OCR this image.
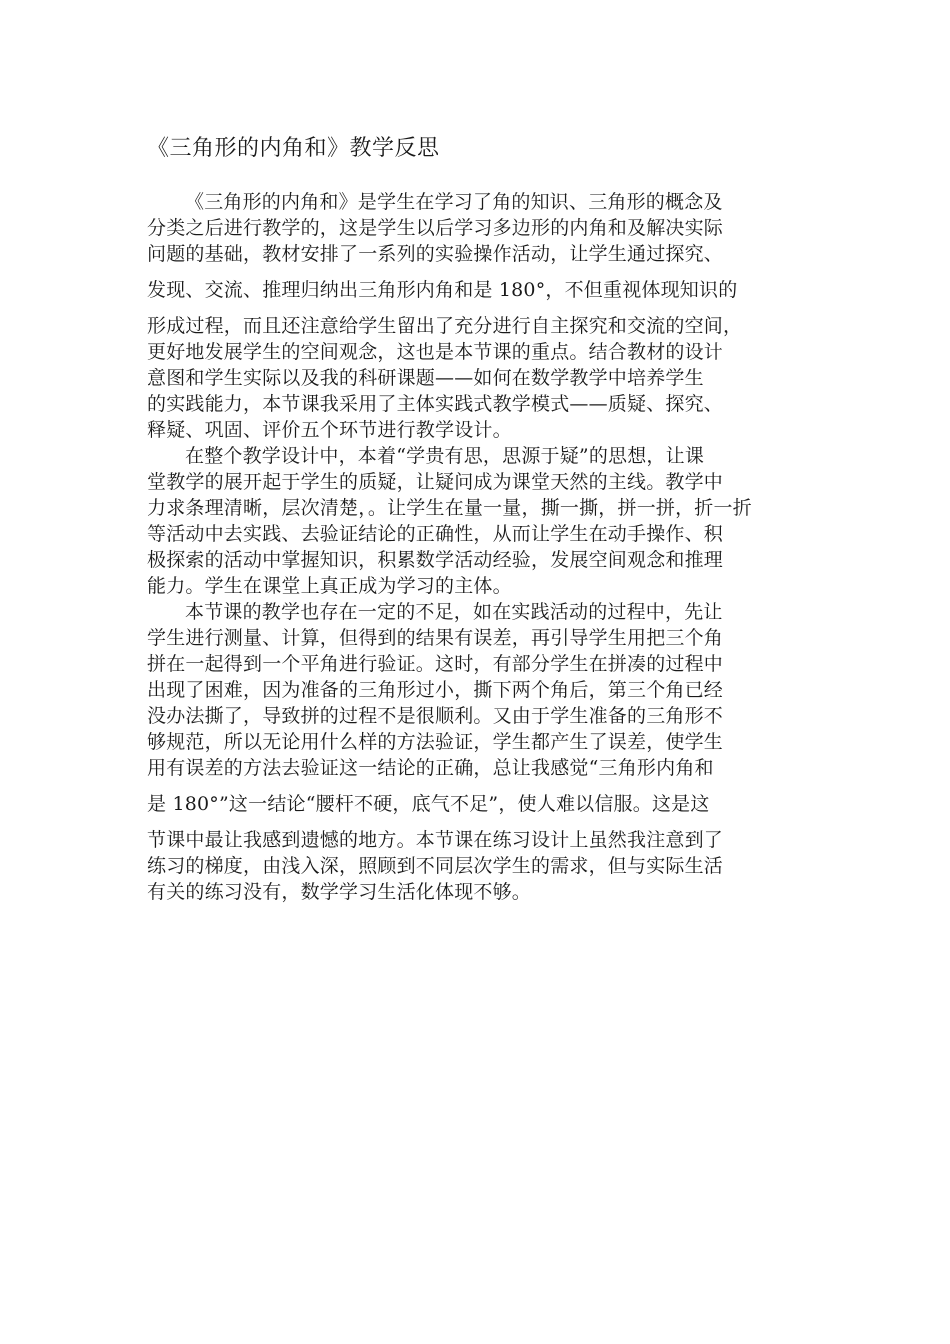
《三角形的内角和》教学反思

《三角形的内角和》是学生在学习了角的知识、三角形的概念及
分类之后进行教学的，这是学生以后学习多边形的内角和及解决实际
问题的基础，教材安排了一系列的实验操作活动，让学生通过探究、
发现、交流、推理归纳出三角形内角和是 180°，不但重视体现知识的
形成过程，而且还注意给学生留出了充分进行自主探究和交流的空间，
更好地发展学生的空间观念，这也是本节课的重点。结合教材的设计
意图和学生实际以及我的科研课题——如何在数学教学中培养学生
的实践能力，本节课我采用了主体实践式教学模式——质疑、探究、
释疑、巩固、评价五个环节进行教学设计。

在整个教学设计中，本着“学贵有思，思源于疑”的思想，让课
堂教学的展开起于学生的质疑，让疑问成为课堂天然的主线。教学中
力求条理清晰，层次清楚，。让学生在量一量，撕一撕，拼一拼，折一折
等活动中去实践、去验证结论的正确性，从而让学生在动手操作、积
极探索的活动中掌握知识，积累数学活动经验，发展空间观念和推理
能力。学生在课堂上真正成为学习的主体。

本节课的教学也存在一定的不足，如在实践活动的过程中，先让
学生进行测量、计算，但得到的结果有误差，再引导学生用把三个角
拼在一起得到一个平角进行验证。这时，有部分学生在拼凑的过程中
出现了困难，因为准备的三角形过小，撕下两个角后，第三个角已经
没办法撕了，导致拼的过程不是很顺利。又由于学生准备的三角形不
够规范，所以无论用什么样的方法验证，学生都产生了误差，使学生
用有误差的方法去验证这一结论的正确，总让我感觉“三角形内角和
是 180°”这一结论“腰杆不硬，底气不足”，使人难以信服。这是这
节课中最让我感到遗憾的地方。本节课在练习设计上虽然我注意到了
练习的梯度，由浅入深，照顾到不同层次学生的需求，但与实际生活
有关的练习没有，数学学习生活化体现不够。
